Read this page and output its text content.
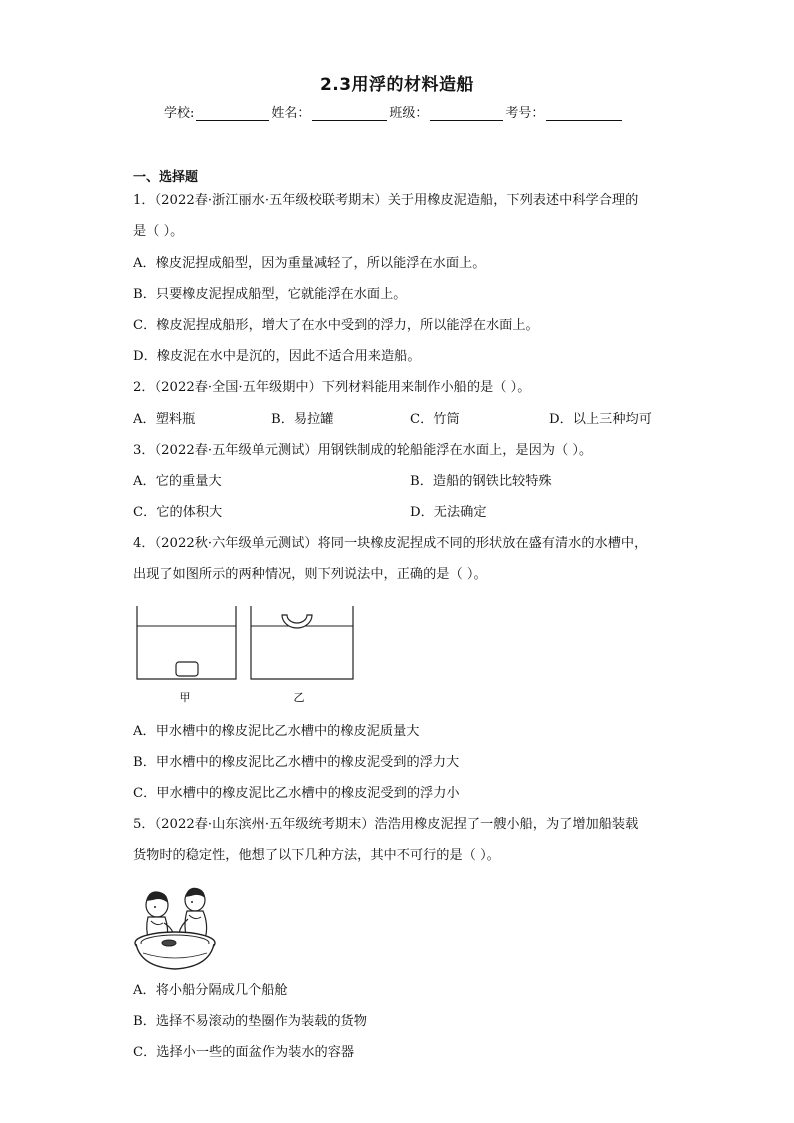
2.3用浮的材料造船
学校:	姓名：	班级：	考号：
一、选择题
1．（2022春·浙江丽水·五年级校联考期末）关于用橡皮泥造船，下列表述中科学合理的
是（ ）。
A．橡皮泥捏成船型，因为重量减轻了，所以能浮在水面上。
B．只要橡皮泥捏成船型，它就能浮在水面上。
C．橡皮泥捏成船形，增大了在水中受到的浮力，所以能浮在水面上。
D．橡皮泥在水中是沉的，因此不适合用来造船。
2．（2022春·全国·五年级期中）下列材料能用来制作小船的是（ ）。
A．塑料瓶	B．易拉罐	C．竹筒	D．以上三种均可
3．（2022春·五年级单元测试）用钢铁制成的轮船能浮在水面上，是因为（ ）。
A．它的重量大	B．造船的钢铁比较特殊
C．它的体积大	D．无法确定
4．（2022秋·六年级单元测试）将同一块橡皮泥捏成不同的形状放在盛有清水的水槽中，
出现了如图所示的两种情况，则下列说法中，正确的是（ ）。
甲	乙
A．甲水槽中的橡皮泥比乙水槽中的橡皮泥质量大
B．甲水槽中的橡皮泥比乙水槽中的橡皮泥受到的浮力大
C．甲水槽中的橡皮泥比乙水槽中的橡皮泥受到的浮力小
5．（2022春·山东滨州·五年级统考期末）浩浩用橡皮泥捏了一艘小船，为了增加船装载
货物时的稳定性，他想了以下几种方法，其中不可行的是（ ）。
A．将小船分隔成几个船舱
B．选择不易滚动的垫圈作为装载的货物
C．选择小一些的面盆作为装水的容器
